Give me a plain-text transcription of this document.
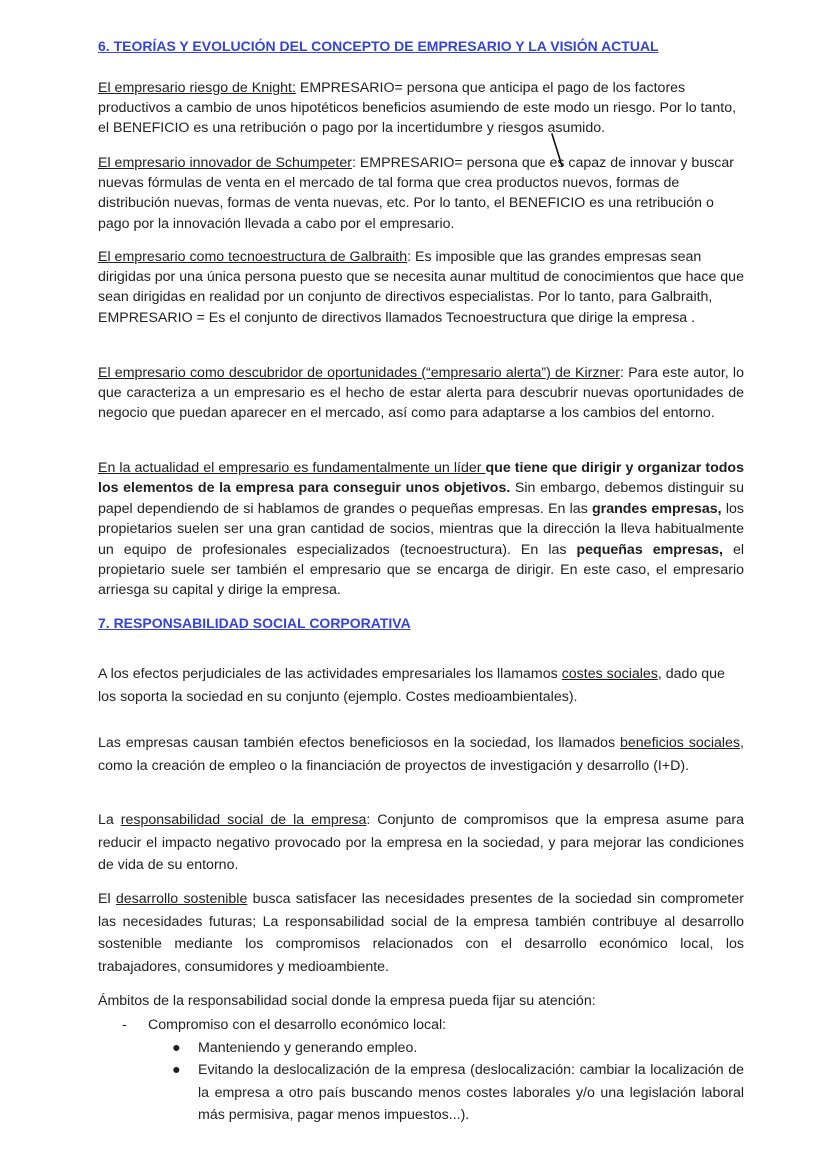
6. TEORÍAS Y EVOLUCIÓN DEL CONCEPTO DE EMPRESARIO Y LA VISIÓN ACTUAL

El empresario riesgo de Knight: EMPRESARIO= persona que anticipa el pago de los factores productivos a cambio de unos hipotéticos beneficios asumiendo de este modo un riesgo. Por lo tanto, el BENEFICIO es una retribución o pago por la incertidumbre y riesgos asumido.

El empresario innovador de Schumpeter: EMPRESARIO= persona que es capaz de innovar y buscar nuevas fórmulas de venta en el mercado de tal forma que crea productos nuevos, formas de distribución nuevas, formas de venta nuevas, etc. Por lo tanto, el BENEFICIO es una retribución o pago por la innovación llevada a cabo por el empresario.

El empresario como tecnoestructura de Galbraith: Es imposible que las grandes empresas sean dirigidas por una única persona puesto que se necesita aunar multitud de conocimientos que hace que sean dirigidas en realidad por un conjunto de directivos especialistas. Por lo tanto, para Galbraith, EMPRESARIO = Es el conjunto de directivos llamados Tecnoestructura que dirige la empresa .

El empresario como descubridor de oportunidades (“empresario alerta”) de Kirzner: Para este autor, lo que caracteriza a un empresario es el hecho de estar alerta para descubrir nuevas oportunidades de negocio que puedan aparecer en el mercado, así como para adaptarse a los cambios del entorno.

En la actualidad el empresario es fundamentalmente un líder que tiene que dirigir y organizar todos los elementos de la empresa para conseguir unos objetivos. Sin embargo, debemos distinguir su papel dependiendo de si hablamos de grandes o pequeñas empresas. En las grandes empresas, los propietarios suelen ser una gran cantidad de socios, mientras que la dirección la lleva habitualmente un equipo de profesionales especializados (tecnoestructura). En las pequeñas empresas, el propietario suele ser también el empresario que se encarga de dirigir. En este caso, el empresario arriesga su capital y dirige la empresa.

7. RESPONSABILIDAD SOCIAL CORPORATIVA

A los efectos perjudiciales de las actividades empresariales los llamamos costes sociales, dado que los soporta la sociedad en su conjunto (ejemplo. Costes medioambientales).

Las empresas causan también efectos beneficiosos en la sociedad, los llamados beneficios sociales, como la creación de empleo o la financiación de proyectos de investigación y desarrollo (I+D).

La responsabilidad social de la empresa: Conjunto de compromisos que la empresa asume para reducir el impacto negativo provocado por la empresa en la sociedad, y para mejorar las condiciones de vida de su entorno.

El desarrollo sostenible busca satisfacer las necesidades presentes de la sociedad sin comprometer las necesidades futuras; La responsabilidad social de la empresa también contribuye al desarrollo sostenible mediante los compromisos relacionados con el desarrollo económico local, los trabajadores, consumidores y medioambiente.

Ámbitos de la responsabilidad social donde la empresa pueda fijar su atención:

- Compromiso con el desarrollo económico local:
● Manteniendo y generando empleo.
● Evitando la deslocalización de la empresa (deslocalización: cambiar la localización de la empresa a otro país buscando menos costes laborales y/o una legislación laboral más permisiva, pagar menos impuestos...).
